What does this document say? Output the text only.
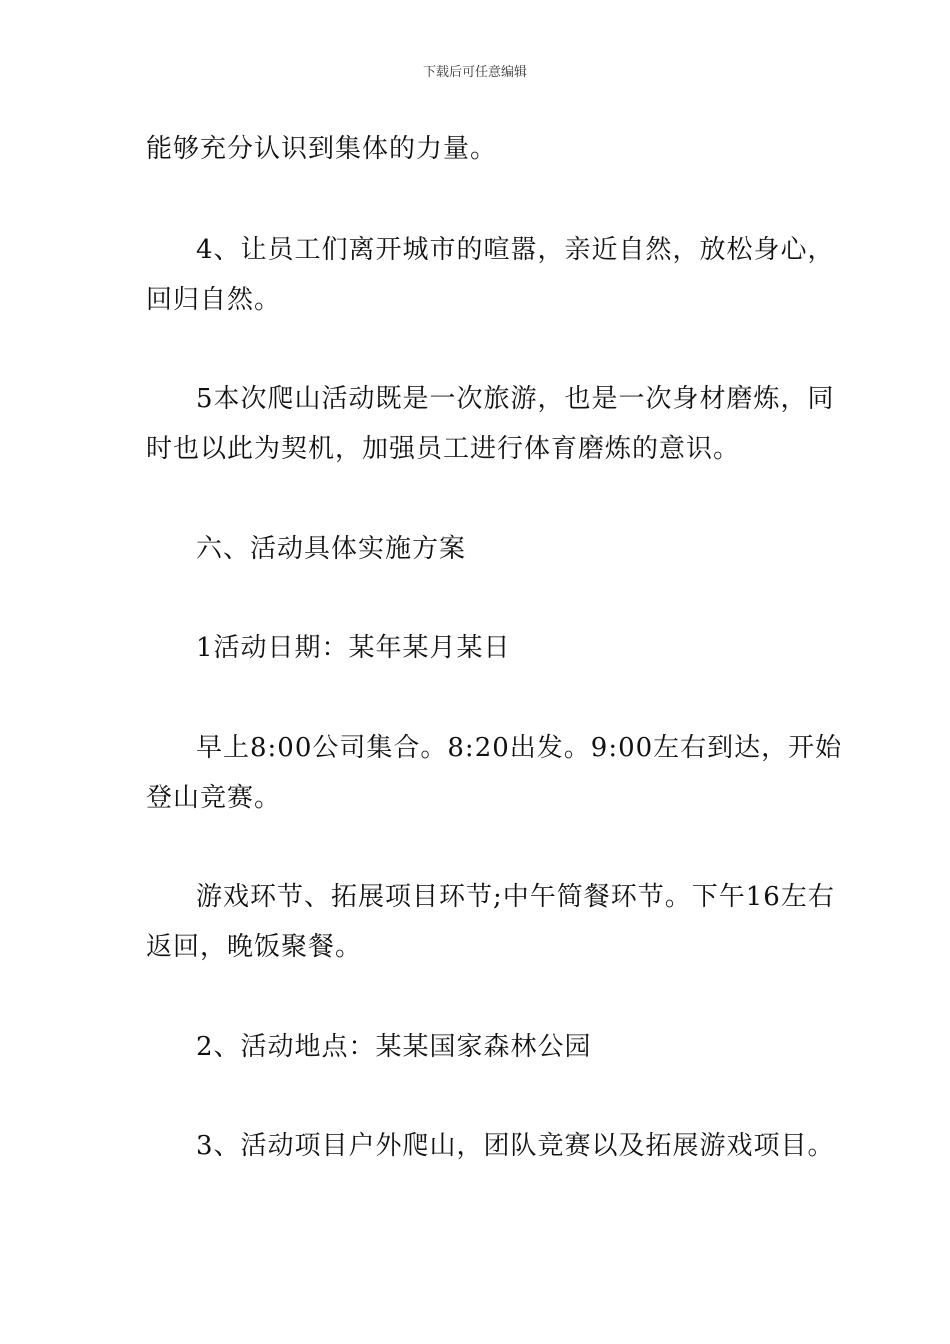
下载后可任意编辑
能够充分认识到集体的力量。
4、让员工们离开城市的喧嚣，亲近自然，放松身心，
回归自然。
5本次爬山活动既是一次旅游，也是一次身材磨炼，同
时也以此为契机，加强员工进行体育磨炼的意识。
六、活动具体实施方案
1活动日期：某年某月某日
早上8:00公司集合。8:20出发。9:00左右到达，开始
登山竞赛。
游戏环节、拓展项目环节;中午简餐环节。下午16左右
返回，晚饭聚餐。
2、活动地点：某某国家森林公园
3、活动项目户外爬山，团队竞赛以及拓展游戏项目。
